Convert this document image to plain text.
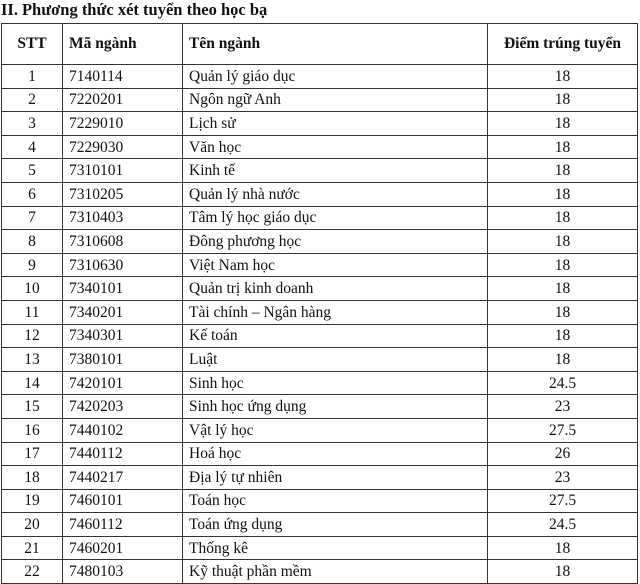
II. Phương thức xét tuyển theo học bạ
STT	Mã ngành	Tên ngành	Điểm trúng tuyển
1	7140114	Quản lý giáo dục	18
2	7220201	Ngôn ngữ Anh	18
3	7229010	Lịch sử	18
4	7229030	Văn học	18
5	7310101	Kinh tế	18
6	7310205	Quản lý nhà nước	18
7	7310403	Tâm lý học giáo dục	18
8	7310608	Đông phương học	18
9	7310630	Việt Nam học	18
10	7340101	Quản trị kinh doanh	18
11	7340201	Tài chính – Ngân hàng	18
12	7340301	Kế toán	18
13	7380101	Luật	18
14	7420101	Sinh học	24.5
15	7420203	Sinh học ứng dụng	23
16	7440102	Vật lý học	27.5
17	7440112	Hoá học	26
18	7440217	Địa lý tự nhiên	23
19	7460101	Toán học	27.5
20	7460112	Toán ứng dụng	24.5
21	7460201	Thống kê	18
22	7480103	Kỹ thuật phần mềm	18
